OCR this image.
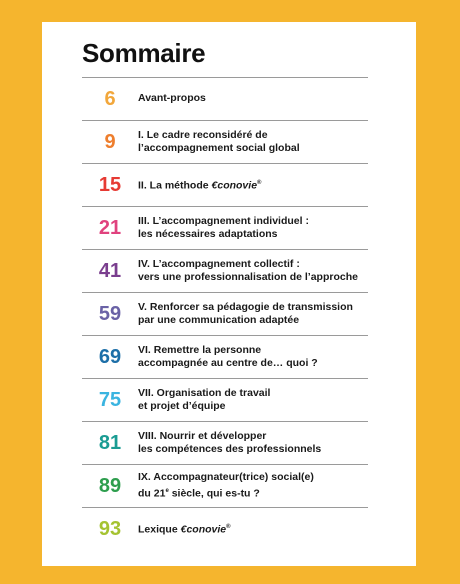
Sommaire
6	Avant-propos
9	I. Le cadre reconsidéré de
l’accompagnement social global
15	II. La méthode €conovie®
21	III. L’accompagnement individuel :
les nécessaires adaptations
41	IV. L’accompagnement collectif :
vers une professionnalisation de l’approche
59	V. Renforcer sa pédagogie de transmission
par une communication adaptée
69	VI. Remettre la personne
accompagnée au centre de… quoi ?
75	VII. Organisation de travail
et projet d’équipe
81	VIII. Nourrir et développer
les compétences des professionnels
89	IX. Accompagnateur(trice) social(e)
du 21e siècle, qui es-tu ?
93	Lexique €conovie®
